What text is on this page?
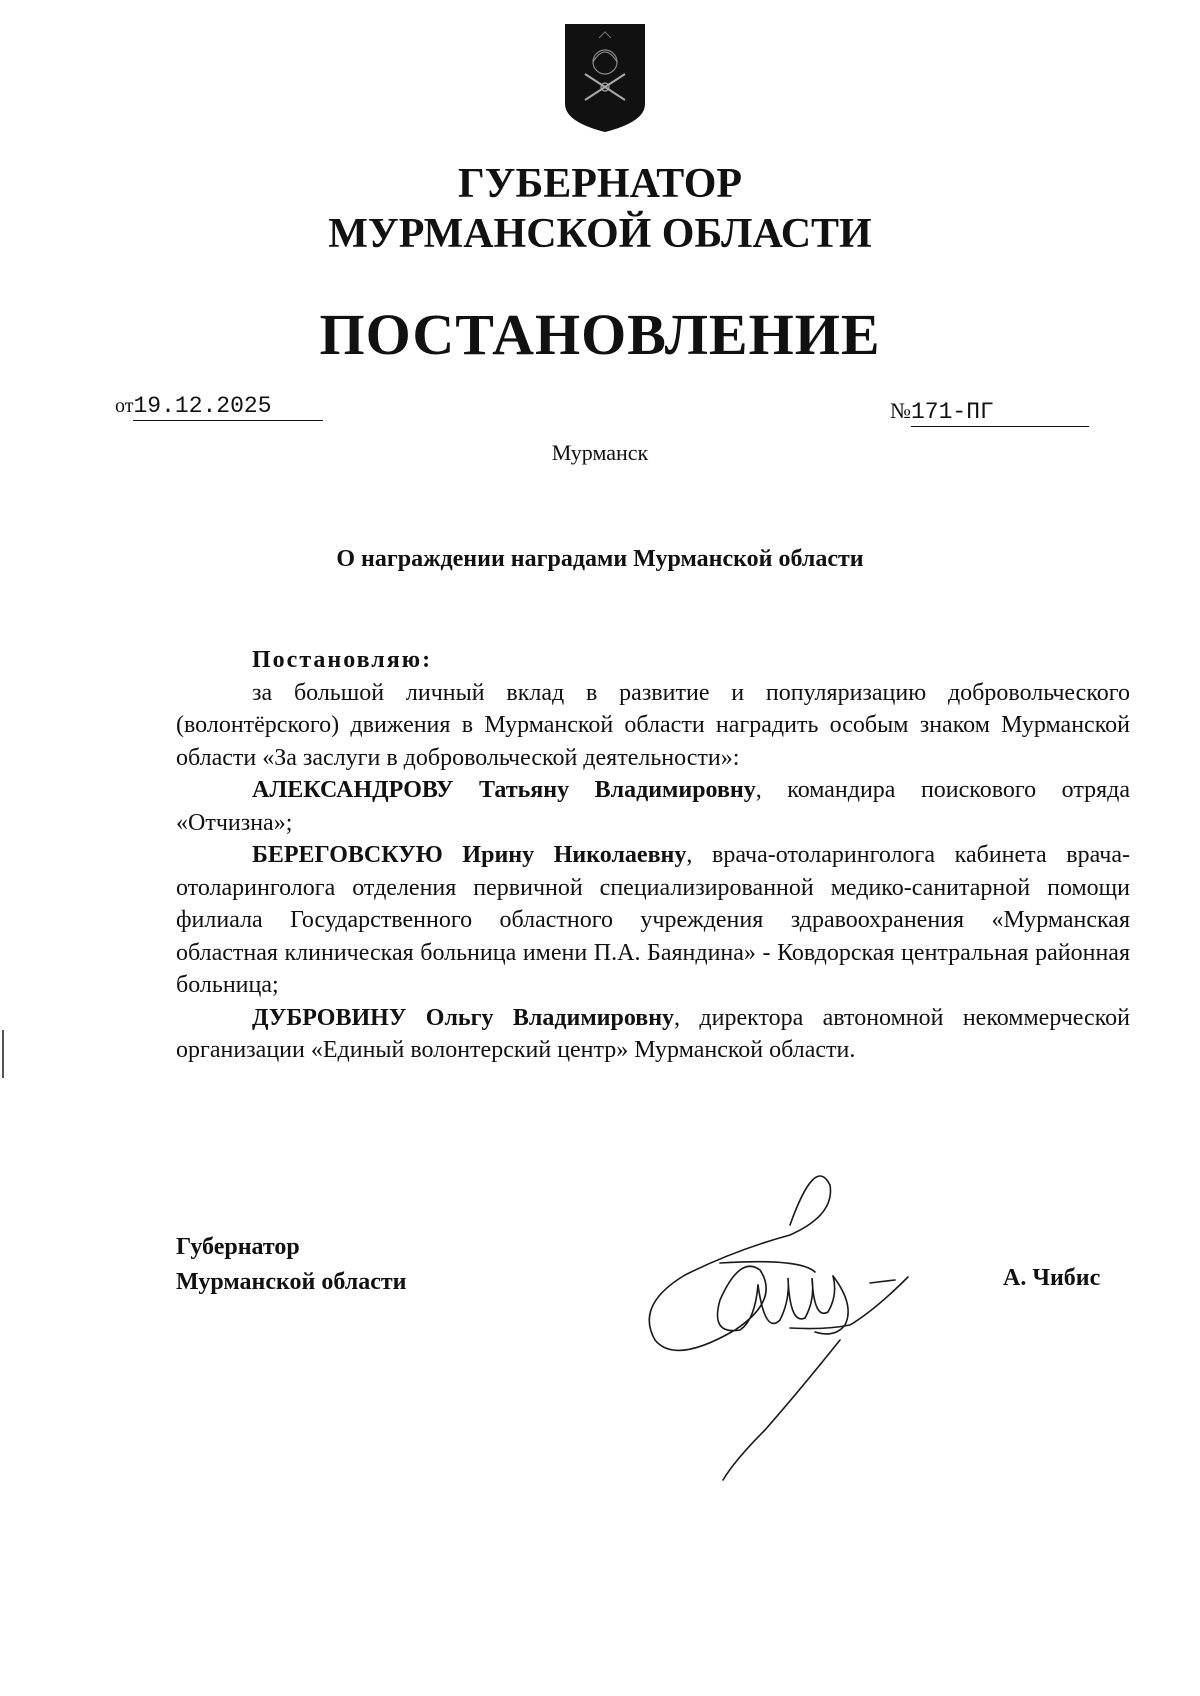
ГУБЕРНАТОР
МУРМАНСКОЙ ОБЛАСТИ
ПОСТАНОВЛЕНИЕ
от19.12.2025	№171-ПГ
Мурманск
О награждении наградами Мурманской области

Постановляю:

за большой личный вклад в развитие и популяризацию добровольческого (волонтёрского) движения в Мурманской области наградить особым знаком Мурманской области «За заслуги в добровольческой деятельности»:

АЛЕКСАНДРОВУ Татьяну Владимировну, командира поискового отряда «Отчизна»;

БЕРЕГОВСКУЮ Ирину Николаевну, врача-отоларинголога кабинета врача-отоларинголога отделения первичной специализированной медико-санитарной помощи филиала Государственного областного учреждения здравоохранения «Мурманская областная клиническая больница имени П.А. Баяндина» - Ковдорская центральная районная больница;

ДУБРОВИНУ Ольгу Владимировну, директора автономной некоммерческой организации «Единый волонтерский центр» Мурманской области.

Губернатор
Мурманской области	А. Чибис
